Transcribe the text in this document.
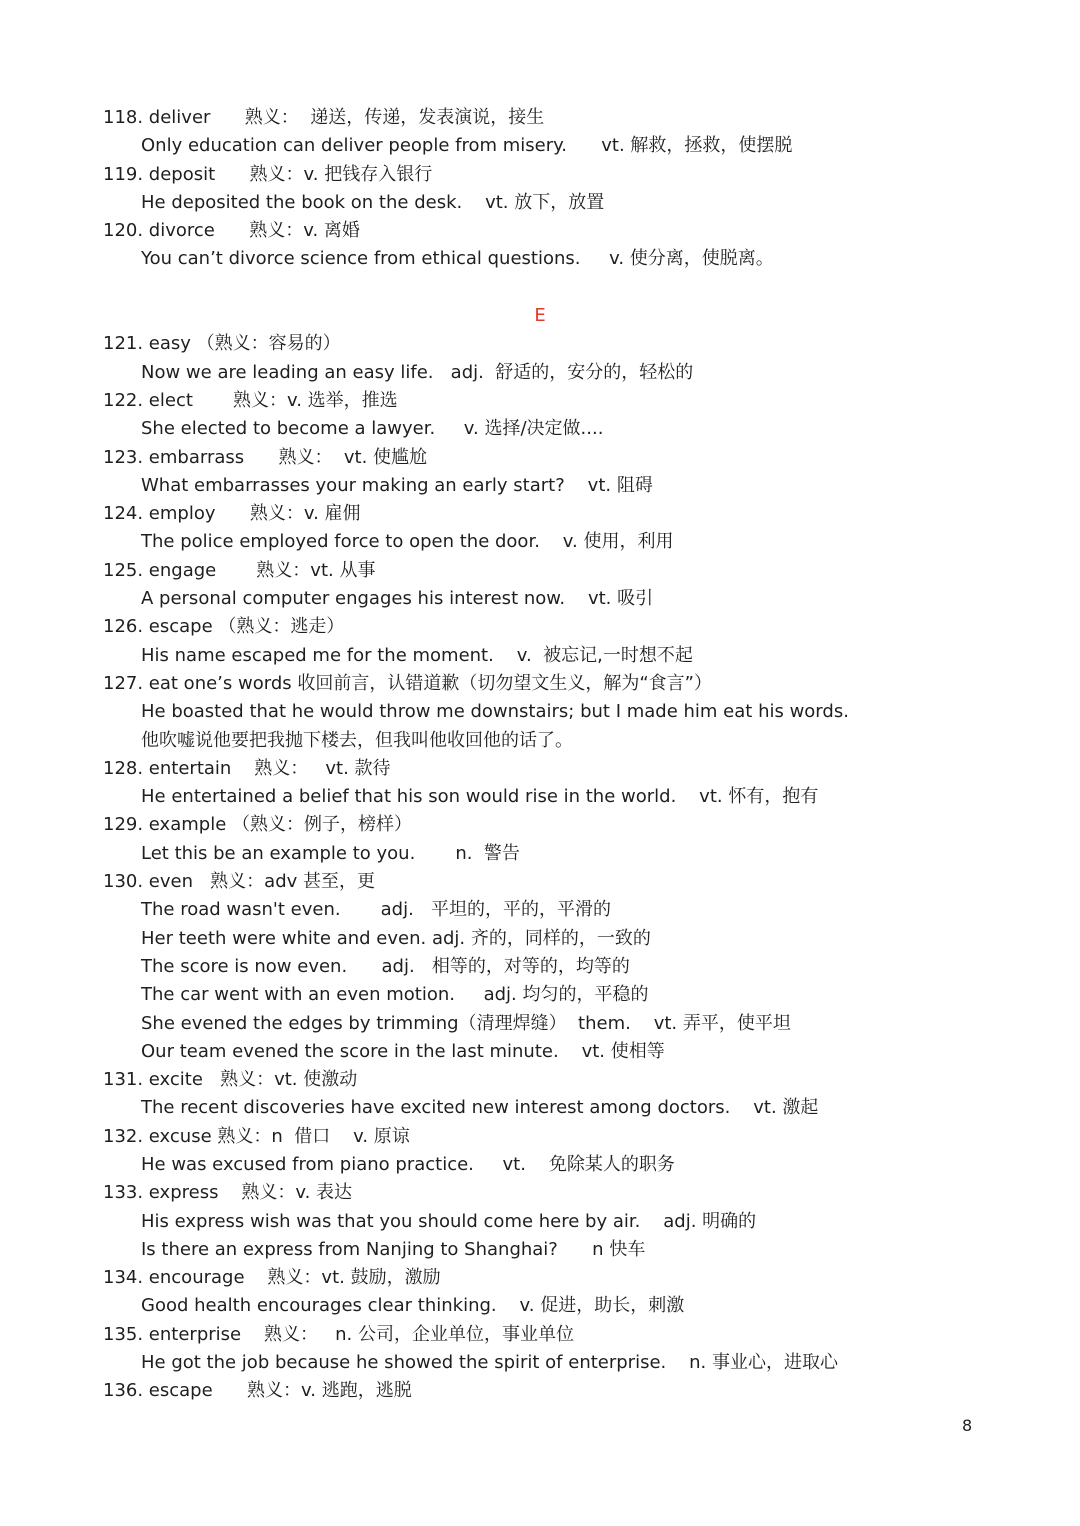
118. deliver      熟义：  递送，传递，发表演说，接生
Only education can deliver people from misery.      vt. 解救，拯救，使摆脱
119. deposit      熟义：v. 把钱存入银行
He deposited the book on the desk.    vt. 放下，放置
120. divorce      熟义：v. 离婚
You can’t divorce science from ethical questions.     v. 使分离，使脱离。
E
121. easy （熟义：容易的）
Now we are leading an easy life.   adj.  舒适的，安分的，轻松的
122. elect       熟义：v. 选举，推选
She elected to become a lawyer.     v. 选择/决定做....
123. embarrass      熟义：  vt. 使尴尬
What embarrasses your making an early start?    vt. 阻碍
124. employ      熟义：v. 雇佣
The police employed force to open the door.    v. 使用，利用
125. engage       熟义：vt. 从事
A personal computer engages his interest now.    vt. 吸引
126. escape （熟义：逃走）
His name escaped me for the moment.    v.  被忘记,一时想不起
127. eat one’s words 收回前言，认错道歉（切勿望文生义，解为“食言”）
He boasted that he would throw me downstairs; but I made him eat his words.
他吹嘘说他要把我抛下楼去，但我叫他收回他的话了。
128. entertain    熟义：   vt. 款待
He entertained a belief that his son would rise in the world.    vt. 怀有，抱有
129. example （熟义：例子，榜样）
Let this be an example to you.       n.  警告
130. even   熟义：adv 甚至，更
The road wasn't even.       adj.   平坦的，平的，平滑的
Her teeth were white and even. adj. 齐的，同样的，一致的
The score is now even.      adj.   相等的，对等的，均等的
The car went with an even motion.     adj. 均匀的，平稳的
She evened the edges by trimming（清理焊缝）  them.    vt. 弄平，使平坦
Our team evened the score in the last minute.    vt. 使相等
131. excite   熟义：vt. 使激动
The recent discoveries have excited new interest among doctors.    vt. 激起
132. excuse 熟义：n  借口    v. 原谅
He was excused from piano practice.     vt.    免除某人的职务
133. express    熟义：v. 表达
His express wish was that you should come here by air.    adj. 明确的
Is there an express from Nanjing to Shanghai?      n 快车
134. encourage    熟义：vt. 鼓励，激励
Good health encourages clear thinking.    v. 促进，助长，刺激
135. enterprise    熟义：   n. 公司，企业单位，事业单位
He got the job because he showed the spirit of enterprise.    n. 事业心，进取心
136. escape      熟义：v. 逃跑，逃脱
8
